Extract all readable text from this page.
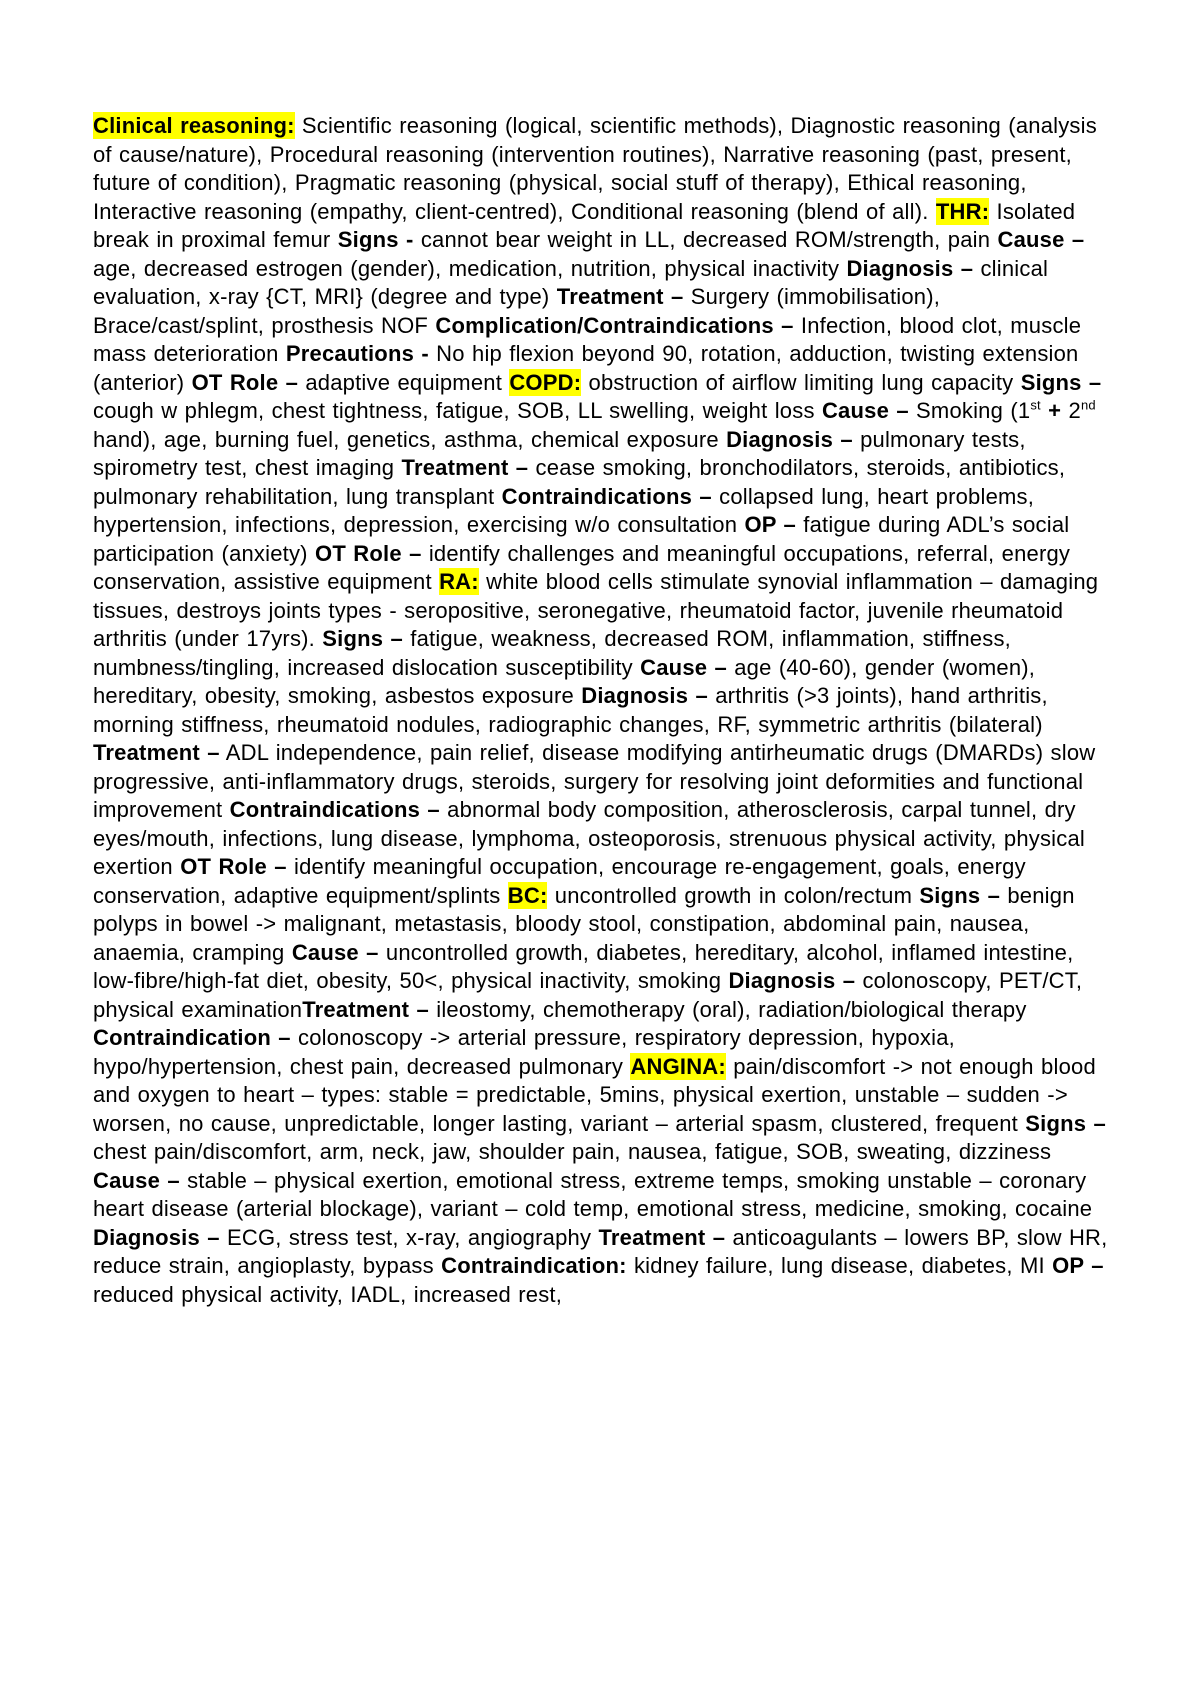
Clinical reasoning: Scientific reasoning (logical, scientific methods), Diagnostic reasoning (analysis of cause/nature), Procedural reasoning (intervention routines), Narrative reasoning (past, present, future of condition), Pragmatic reasoning (physical, social stuff of therapy), Ethical reasoning, Interactive reasoning (empathy, client-centred), Conditional reasoning (blend of all). THR: Isolated break in proximal femur Signs - cannot bear weight in LL, decreased ROM/strength, pain Cause – age, decreased estrogen (gender), medication, nutrition, physical inactivity Diagnosis – clinical evaluation, x-ray {CT, MRI} (degree and type) Treatment – Surgery (immobilisation), Brace/cast/splint, prosthesis NOF Complication/Contraindications – Infection, blood clot, muscle mass deterioration Precautions - No hip flexion beyond 90, rotation, adduction, twisting extension (anterior) OT Role – adaptive equipment COPD: obstruction of airflow limiting lung capacity Signs – cough w phlegm, chest tightness, fatigue, SOB, LL swelling, weight loss Cause – Smoking (1st + 2nd hand), age, burning fuel, genetics, asthma, chemical exposure Diagnosis – pulmonary tests, spirometry test, chest imaging Treatment – cease smoking, bronchodilators, steroids, antibiotics, pulmonary rehabilitation, lung transplant Contraindications – collapsed lung, heart problems, hypertension, infections, depression, exercising w/o consultation OP – fatigue during ADL’s social participation (anxiety) OT Role – identify challenges and meaningful occupations, referral, energy conservation, assistive equipment RA: white blood cells stimulate synovial inflammation – damaging tissues, destroys joints types - seropositive, seronegative, rheumatoid factor, juvenile rheumatoid arthritis (under 17yrs). Signs – fatigue, weakness, decreased ROM, inflammation, stiffness, numbness/tingling, increased dislocation susceptibility Cause – age (40-60), gender (women), hereditary, obesity, smoking, asbestos exposure Diagnosis – arthritis (>3 joints), hand arthritis, morning stiffness, rheumatoid nodules, radiographic changes, RF, symmetric arthritis (bilateral) Treatment – ADL independence, pain relief, disease modifying antirheumatic drugs (DMARDs) slow progressive, anti-inflammatory drugs, steroids, surgery for resolving joint deformities and functional improvement Contraindications – abnormal body composition, atherosclerosis, carpal tunnel, dry eyes/mouth, infections, lung disease, lymphoma, osteoporosis, strenuous physical activity, physical exertion OT Role – identify meaningful occupation, encourage re-engagement, goals, energy conservation, adaptive equipment/splints BC: uncontrolled growth in colon/rectum Signs – benign polyps in bowel -> malignant, metastasis, bloody stool, constipation, abdominal pain, nausea, anaemia, cramping Cause – uncontrolled growth, diabetes, hereditary, alcohol, inflamed intestine, low-fibre/high-fat diet, obesity, 50<, physical inactivity, smoking Diagnosis – colonoscopy, PET/CT, physical examinationTreatment – ileostomy, chemotherapy (oral), radiation/biological therapy Contraindication – colonoscopy -> arterial pressure, respiratory depression, hypoxia, hypo/hypertension, chest pain, decreased pulmonary ANGINA: pain/discomfort -> not enough blood and oxygen to heart – types: stable = predictable, 5mins, physical exertion, unstable – sudden -> worsen, no cause, unpredictable, longer lasting, variant – arterial spasm, clustered, frequent Signs – chest pain/discomfort, arm, neck, jaw, shoulder pain, nausea, fatigue, SOB, sweating, dizziness Cause – stable – physical exertion, emotional stress, extreme temps, smoking unstable – coronary heart disease (arterial blockage), variant – cold temp, emotional stress, medicine, smoking, cocaine Diagnosis – ECG, stress test, x-ray, angiography Treatment – anticoagulants – lowers BP, slow HR, reduce strain, angioplasty, bypass Contraindication: kidney failure, lung disease, diabetes, MI OP – reduced physical activity, IADL, increased rest,
